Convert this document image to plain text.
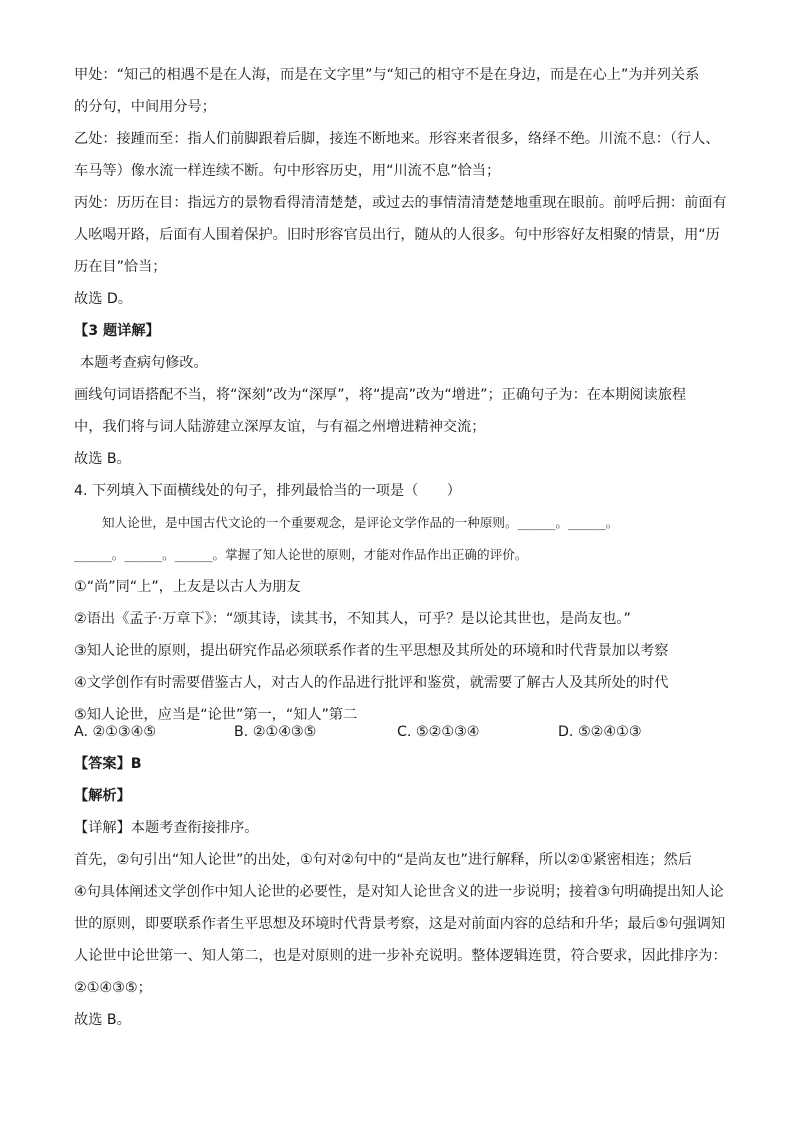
甲处：“知己的相遇不是在人海，而是在文字里”与“知己的相守不是在身边，而是在心上”为并列关系
的分句，中间用分号；
乙处：接踵而至：指人们前脚跟着后脚，接连不断地来。形容来者很多，络绎不绝。川流不息：（行人、
车马等）像水流一样连续不断。句中形容历史，用“川流不息”恰当；
丙处：历历在目：指远方的景物看得清清楚楚，或过去的事情清清楚楚地重现在眼前。前呼后拥：前面有
人吆喝开路，后面有人围着保护。旧时形容官员出行，随从的人很多。句中形容好友相聚的情景，用“历
历在目”恰当；
故选 D。
【3 题详解】
本题考查病句修改。
画线句词语搭配不当，将“深刻”改为“深厚”，将“提高”改为“增进”；正确句子为：在本期阅读旅程
中，我们将与词人陆游建立深厚友谊，与有福之州增进精神交流；
故选 B。
4. 下列填入下面横线处的句子，排列最恰当的一项是（　　）
知人论世，是中国古代文论的一个重要观念，是评论文学作品的一种原则。______。______。
______。______。______。掌握了知人论世的原则，才能对作品作出正确的评价。
①“尚”同“上”，上友是以古人为朋友
②语出《孟子·万章下》：“颂其诗，读其书，不知其人，可乎？是以论其世也，是尚友也。”
③知人论世的原则，提出研究作品必须联系作者的生平思想及其所处的环境和时代背景加以考察
④文学创作有时需要借鉴古人，对古人的作品进行批评和鉴赏，就需要了解古人及其所处的时代
⑤知人论世，应当是“论世”第一，“知人”第二
A. ②①③④⑤	B. ②①④③⑤	C. ⑤②①③④	D. ⑤②④①③
【答案】B
【解析】
【详解】本题考查衔接排序。
首先，②句引出“知人论世”的出处，①句对②句中的“是尚友也”进行解释，所以②①紧密相连；然后
④句具体阐述文学创作中知人论世的必要性，是对知人论世含义的进一步说明；接着③句明确提出知人论
世的原则，即要联系作者生平思想及环境时代背景考察，这是对前面内容的总结和升华；最后⑤句强调知
人论世中论世第一、知人第二，也是对原则的进一步补充说明。整体逻辑连贯，符合要求，因此排序为：
②①④③⑤；
故选 B。
